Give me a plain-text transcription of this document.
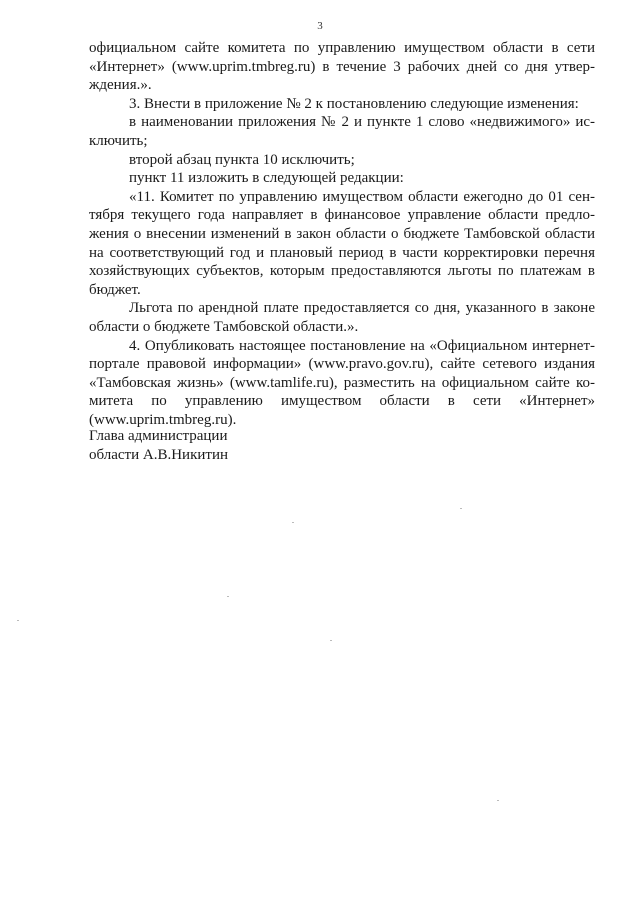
3

официальном сайте комитета по управлению имуществом области в сети

«Интернет» (www.uprim.tmbreg.ru) в течение 3 рабочих дней со дня утвер-

ждения.».

3. Внести в приложение № 2 к постановлению следующие изменения:

в наименовании приложения № 2 и пункте 1 слово «недвижимого» ис-

ключить;

второй абзац пункта 10 исключить;

пункт 11 изложить в следующей редакции:

«11. Комитет по управлению имуществом области ежегодно до 01 сен-

тября текущего года направляет в финансовое управление области предло-

жения о внесении изменений в закон области о бюджете Тамбовской области

на соответствующий год и плановый период в части корректировки перечня

хозяйствующих субъектов, которым предоставляются льготы по платежам в

бюджет.

Льгота по арендной плате предоставляется со дня, указанного в законе

области о бюджете Тамбовской области.».

4. Опубликовать настоящее постановление на «Официальном интернет-

портале правовой информации» (www.pravo.gov.ru), сайте сетевого издания

«Тамбовская жизнь» (www.tamlife.ru), разместить на официальном сайте ко-

митета по управлению имуществом области в сети «Интернет»

(www.uprim.tmbreg.ru).

Глава администрации

области А.В.Никитин
